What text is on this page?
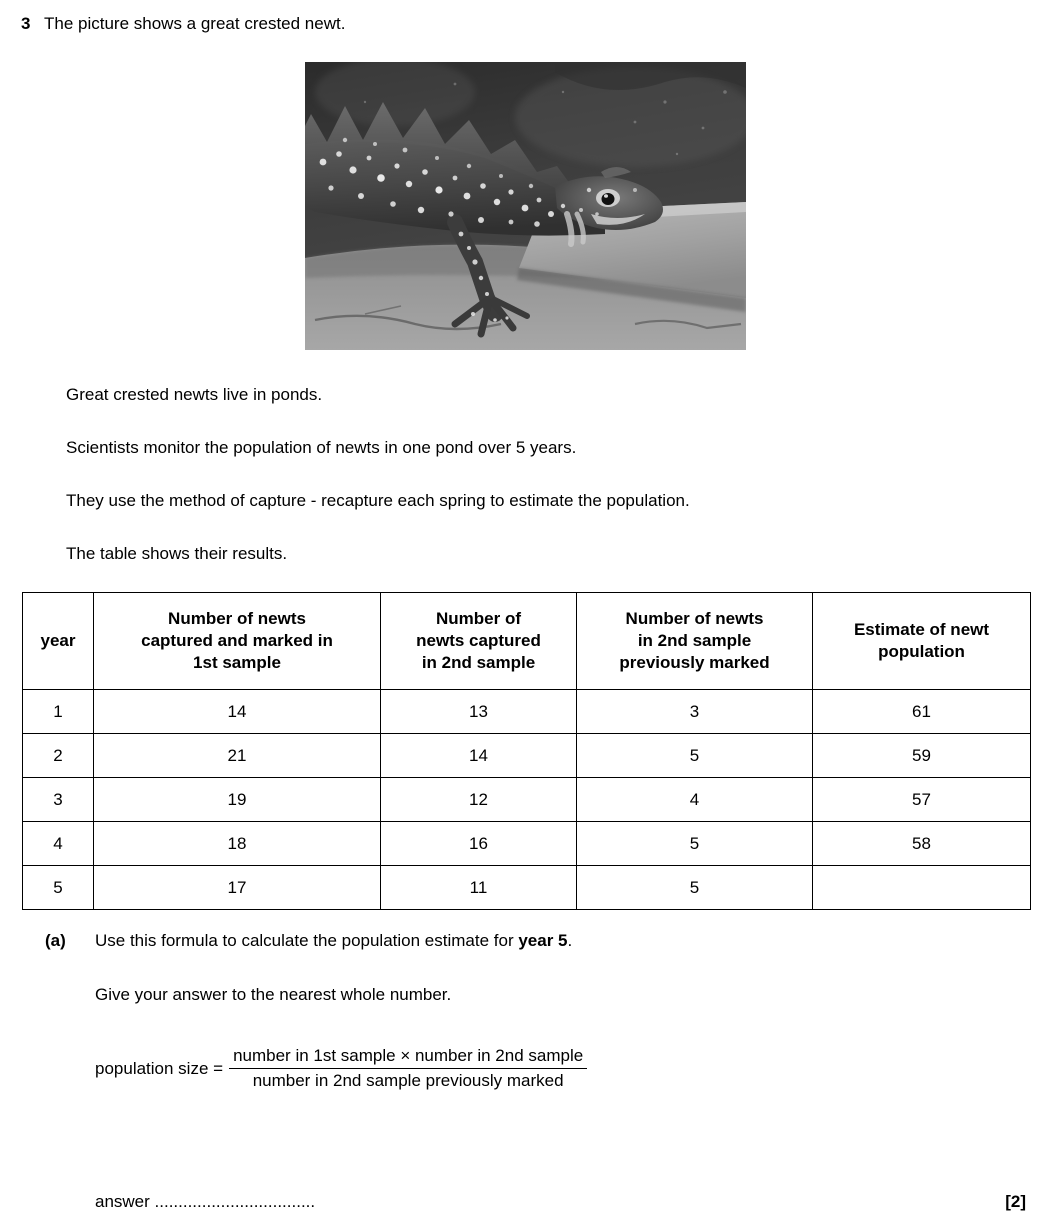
3 The picture shows a great crested newt.
Great crested newts live in ponds.
Scientists monitor the population of newts in one pond over 5 years.
They use the method of capture - recapture each spring to estimate the population.
The table shows their results.
year	Number of newts
captured and marked in
1st sample	Number of
newts captured
in 2nd sample	Number of newts
in 2nd sample
previously marked	Estimate of newt
population
1	14	13	3	61
2	21	14	5	59
3	19	12	4	57
4	18	16	5	58
5	17	11	5	
(a) Use this formula to calculate the population estimate for year 5.
Give your answer to the nearest whole number.
population size = $\frac{\text{number in 1st sample × number in 2nd sample}}{\text{number in 2nd sample previously marked}}$
answer ..................................	[2]
